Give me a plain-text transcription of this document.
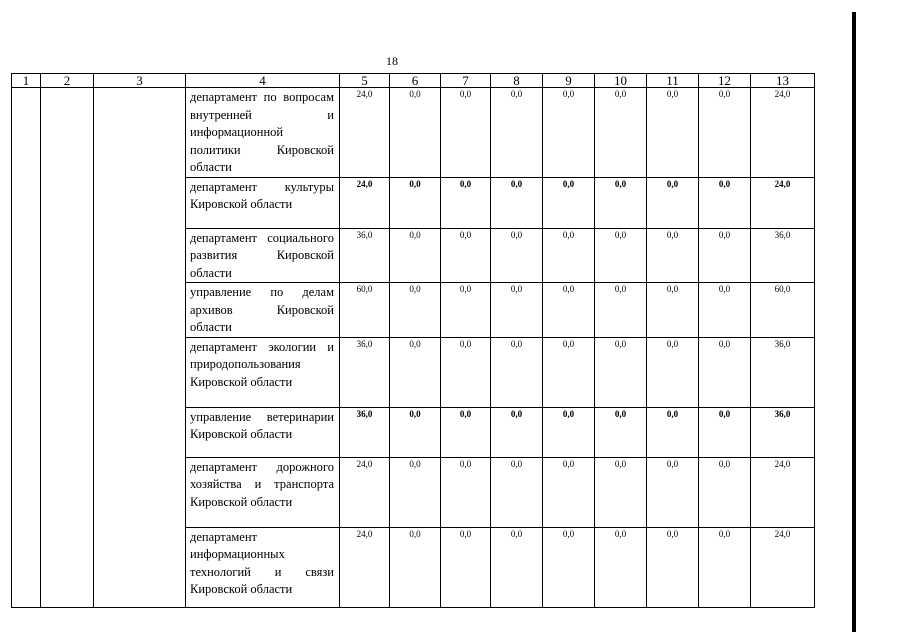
18
1	2	3	4	5	6	7	8	9	10	11	12	13
			департамент по вопросам внутренней и информационной политики Кировской области	24,0	0,0	0,0	0,0	0,0	0,0	0,0	0,0	24,0
			департамент культуры Кировской области	24,0	0,0	0,0	0,0	0,0	0,0	0,0	0,0	24,0
			департамент социального развития Кировской области	36,0	0,0	0,0	0,0	0,0	0,0	0,0	0,0	36,0
			управление по делам архивов Кировской области	60,0	0,0	0,0	0,0	0,0	0,0	0,0	0,0	60,0
			департамент экологии и природопользования Кировской области	36,0	0,0	0,0	0,0	0,0	0,0	0,0	0,0	36,0
			управление ветеринарии Кировской области	36,0	0,0	0,0	0,0	0,0	0,0	0,0	0,0	36,0
			департамент дорожного хозяйства и транспорта Кировской области	24,0	0,0	0,0	0,0	0,0	0,0	0,0	0,0	24,0
			департамент информационных технологий и связи Кировской области	24,0	0,0	0,0	0,0	0,0	0,0	0,0	0,0	24,0
